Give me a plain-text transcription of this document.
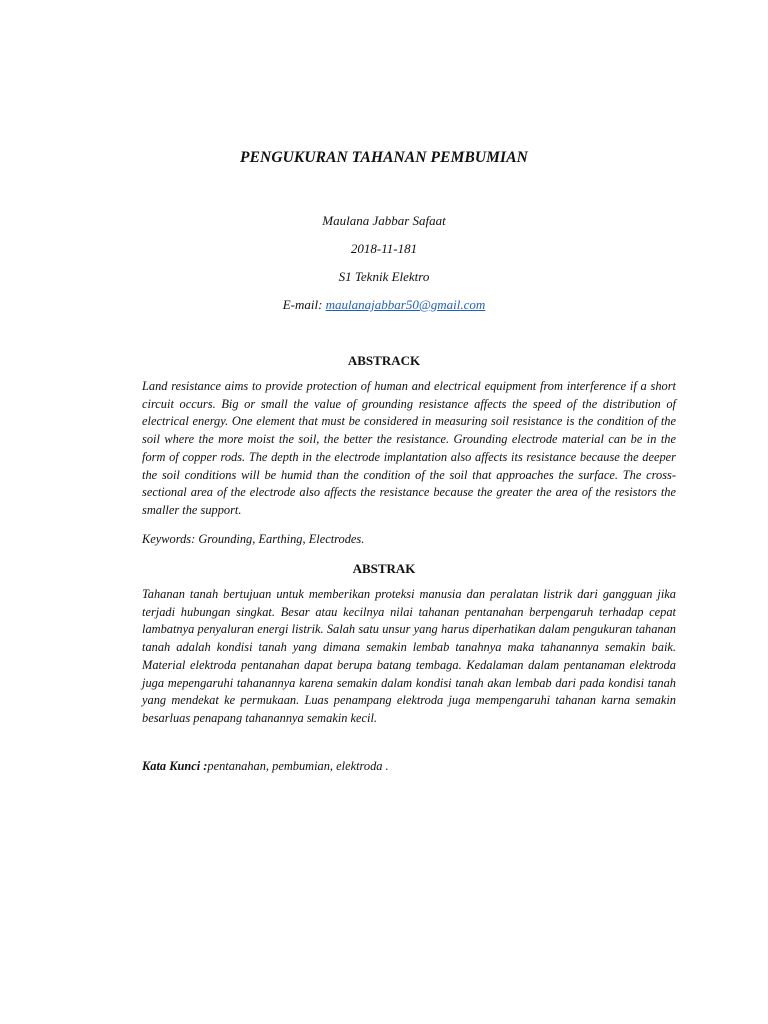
PENGUKURAN TAHANAN PEMBUMIAN
Maulana Jabbar Safaat
2018-11-181
S1 Teknik Elektro
E-mail: maulanajabbar50@gmail.com
ABSTRACK

Land resistance aims to provide protection of human and electrical equipment from interference if a short circuit occurs. Big or small the value of grounding resistance affects the speed of the distribution of electrical energy. One element that must be considered in measuring soil resistance is the condition of the soil where the more moist the soil, the better the resistance. Grounding electrode material can be in the form of copper rods. The depth in the electrode implantation also affects its resistance because the deeper the soil conditions will be humid than the condition of the soil that approaches the surface. The cross-sectional area of the electrode also affects the resistance because the greater the area of the resistors the smaller the support.

Keywords: Grounding, Earthing, Electrodes.

ABSTRAK

Tahanan tanah bertujuan untuk memberikan proteksi manusia dan peralatan listrik dari gangguan jika terjadi hubungan singkat. Besar atau kecilnya nilai tahanan pentanahan berpengaruh terhadap cepat lambatnya penyaluran energi listrik. Salah satu unsur yang harus diperhatikan dalam pengukuran tahanan tanah adalah kondisi tanah yang dimana semakin lembab tanahnya maka tahanannya semakin baik. Material elektroda pentanahan dapat berupa batang tembaga. Kedalaman dalam pentanaman elektroda juga mepengaruhi tahanannya karena semakin dalam kondisi tanah akan lembab dari pada kondisi tanah yang mendekat ke permukaan. Luas penampang elektroda juga mempengaruhi tahanan karna semakin besarluas penapang tahanannya semakin kecil.

Kata Kunci :pentanahan, pembumian, elektroda .
